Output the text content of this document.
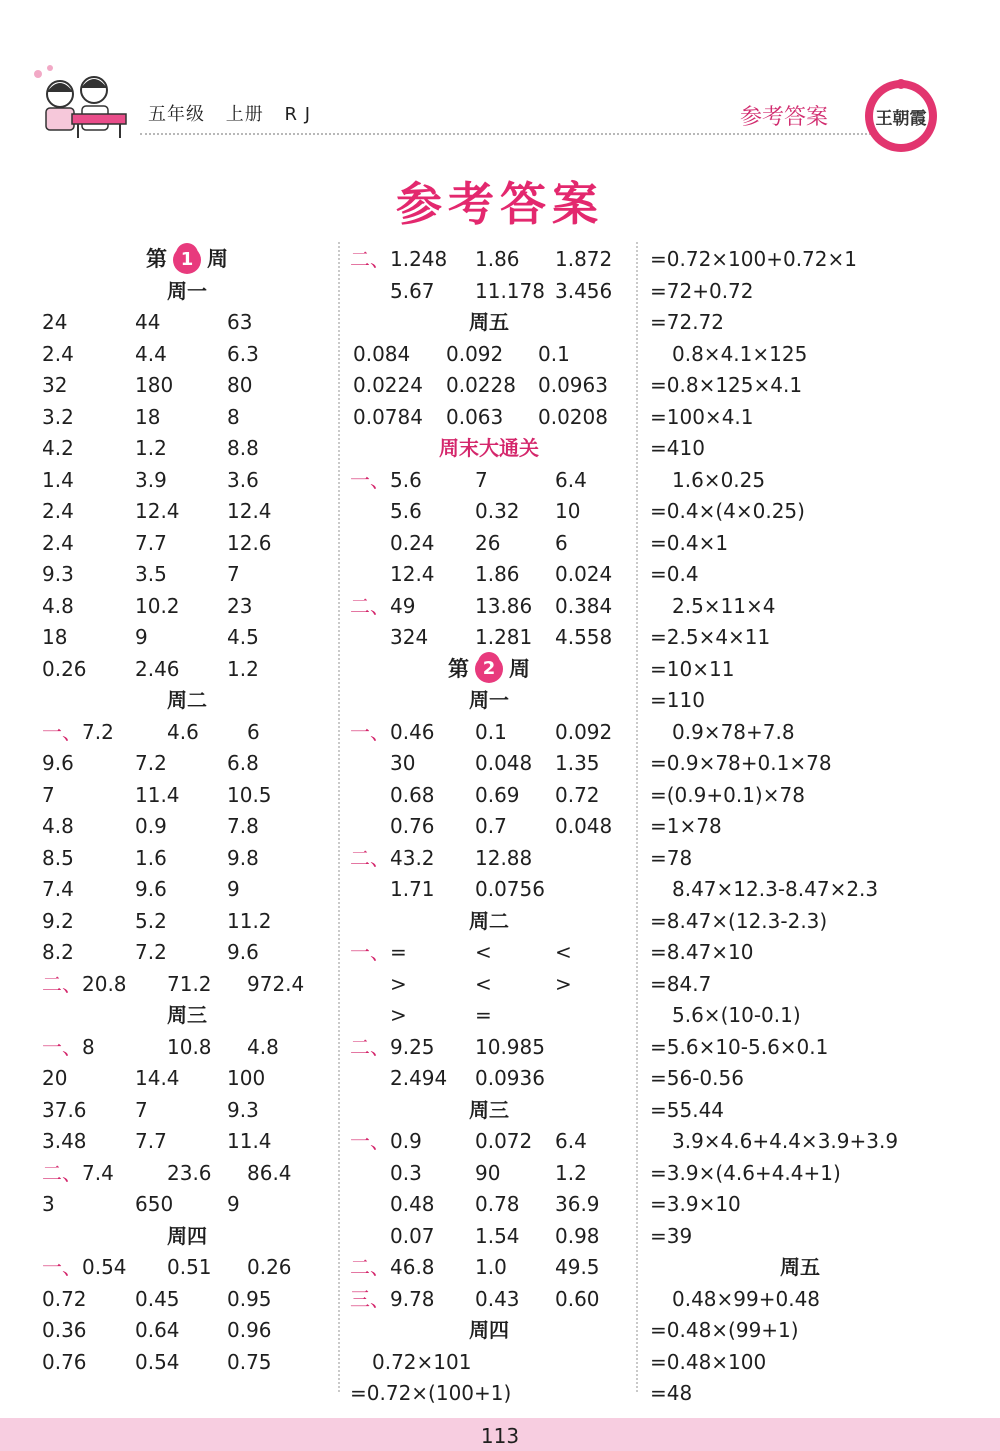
五年级 上册 R J	参考答案	王朝霞
参考答案
第 1 周
周一
24	44	63
2.4	4.4	6.3
32	180	80
3.2	18	8
4.2	1.2	8.8
1.4	3.9	3.6
2.4	12.4 12.4
2.4	7.7	12.6
9.3	3.5	7
4.8	10.2 23
18	9	4.5
0.26 2.46 1.2
周二
一、 7.2	4.6 6
9.6	7.2	6.8
7	11.4 10.5
4.8	0.9	7.8
8.5	1.6	9.8
7.4	9.6	9
9.2	5.2	11.2
8.2	7.2	9.6
二、 20.8 71.2 972.4
周三
一、 8	10.8 4.8
20	14.4 100
37.6 7	9.3
3.48 7.7	11.4
二、 7.4	23.6 86.4
3	650	9
周四
一、 0.54 0.51 0.26
0.72 0.45 0.95
0.36 0.64 0.96
0.76 0.54 0.75
二、 1.248 1.86 1.872
5.67 11.178 3.456
周五
0.084 0.092 0.1
0.0224 0.0228 0.0963
0.0784 0.063 0.0208
周末大通关
一、 5.6	7	6.4
5.6	0.32 10
0.24 26	6
12.4 1.86 0.024
二、 49	13.86 0.384
324 1.281 4.558
第 2 周
周一
一、 0.46 0.1 0.092
30	0.048 1.35
0.68 0.69 0.72
0.76 0.7 0.048
二、 43.2 12.88
1.71 0.0756
周二
一、 =	<	<
>	<	>
>	=
二、 9.25 10.985
2.494 0.0936
周三
一、 0.9	0.072 6.4
0.3	90	1.2
0.48 0.78 36.9
0.07 1.54 0.98
二、 46.8 1.0 49.5
三、 9.78 0.43 0.60
周四
0.72×101
=0.72×(100+1)
=0.72×100+0.72×1
=72+0.72
=72.72
0.8×4.1×125
=0.8×125×4.1
=100×4.1
=410
1.6×0.25
=0.4×(4×0.25)
=0.4×1
=0.4
2.5×11×4
=2.5×4×11
=10×11
=110
0.9×78+7.8
=0.9×78+0.1×78
=(0.9+0.1)×78
=1×78
=78
8.47×12.3-8.47×2.3
=8.47×(12.3-2.3)
=8.47×10
=84.7
5.6×(10-0.1)
=5.6×10-5.6×0.1
=56-0.56
=55.44
3.9×4.6+4.4×3.9+3.9
=3.9×(4.6+4.4+1)
=3.9×10
=39
周五
0.48×99+0.48
=0.48×(99+1)
=0.48×100
=48
113
